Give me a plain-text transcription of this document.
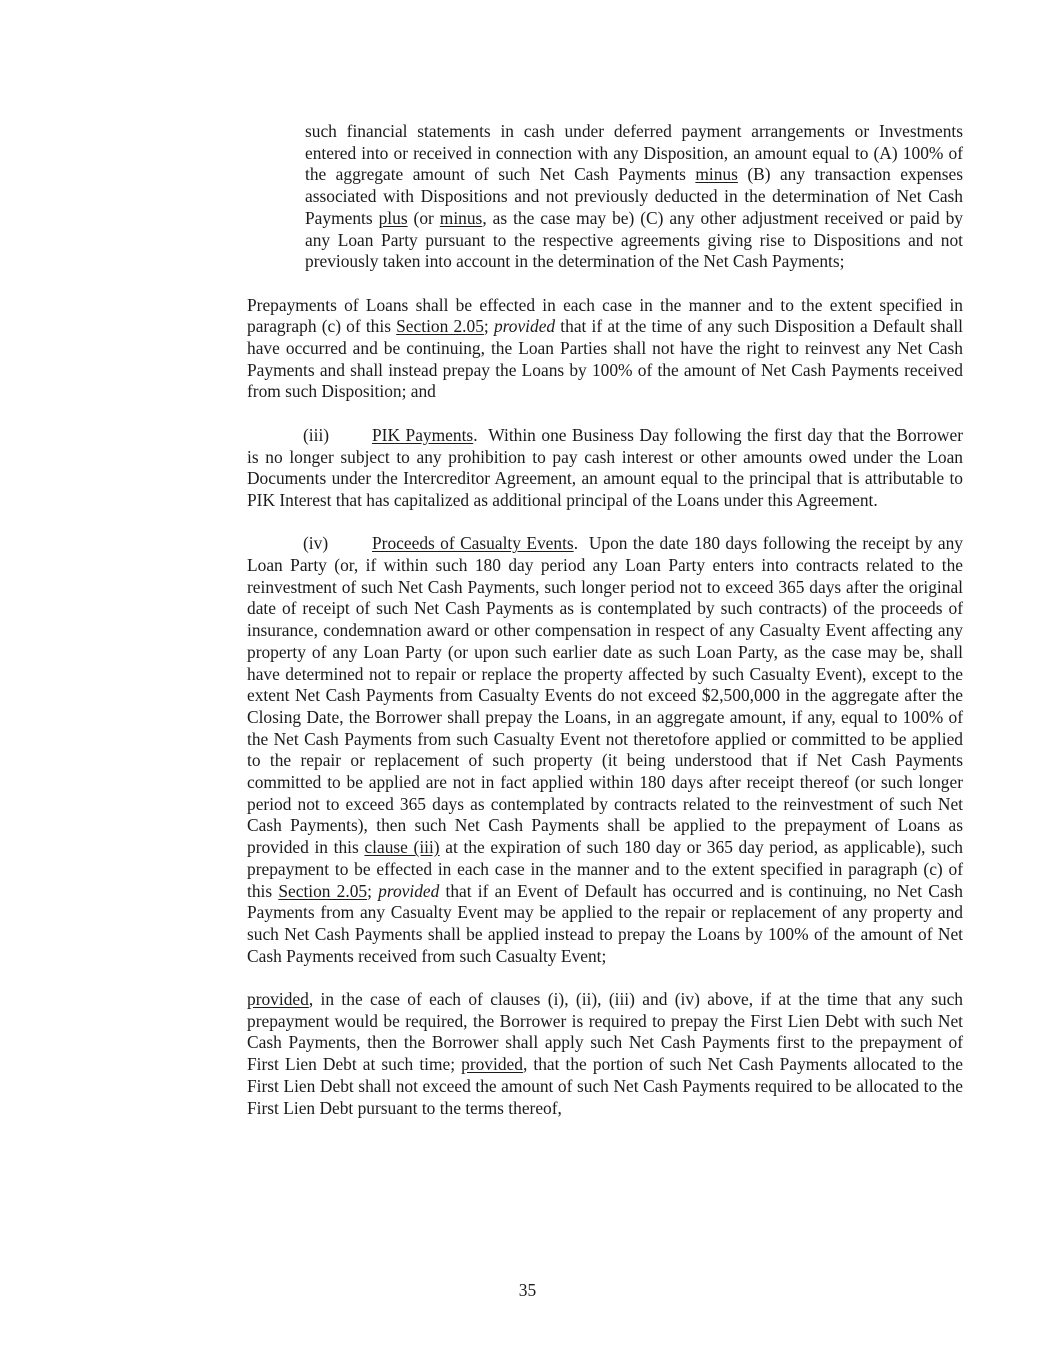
such financial statements in cash under deferred payment arrangements or Investments entered into or received in connection with any Disposition, an amount equal to (A) 100% of the aggregate amount of such Net Cash Payments minus (B) any transaction expenses associated with Dispositions and not previously deducted in the determination of Net Cash Payments plus (or minus, as the case may be) (C) any other adjustment received or paid by any Loan Party pursuant to the respective agreements giving rise to Dispositions and not previously taken into account in the determination of the Net Cash Payments;

Prepayments of Loans shall be effected in each case in the manner and to the extent specified in paragraph (c) of this Section 2.05; provided that if at the time of any such Disposition a Default shall have occurred and be continuing, the Loan Parties shall not have the right to reinvest any Net Cash Payments and shall instead prepay the Loans by 100% of the amount of Net Cash Payments received from such Disposition; and

(iii) PIK Payments.  Within one Business Day following the first day that the Borrower is no longer subject to any prohibition to pay cash interest or other amounts owed under the Loan Documents under the Intercreditor Agreement, an amount equal to the principal that is attributable to PIK Interest that has capitalized as additional principal of the Loans under this Agreement.

(iv)	Proceeds of Casualty Events.  Upon the date 180 days following the receipt by any Loan Party (or, if within such 180 day period any Loan Party enters into contracts related to the reinvestment of such Net Cash Payments, such longer period not to exceed 365 days after the original date of receipt of such Net Cash Payments as is contemplated by such contracts) of the proceeds of insurance, condemnation award or other compensation in respect of any Casualty Event affecting any property of any Loan Party (or upon such earlier date as such Loan Party, as the case may be, shall have determined not to repair or replace the property affected by such Casualty Event), except to the extent Net Cash Payments from Casualty Events do not exceed $2,500,000 in the aggregate after the Closing Date, the Borrower shall prepay the Loans, in an aggregate amount, if any, equal to 100% of the Net Cash Payments from such Casualty Event not theretofore applied or committed to be applied to the repair or replacement of such property (it being understood that if Net Cash Payments committed to be applied are not in fact applied within 180 days after receipt thereof (or such longer period not to exceed 365 days as contemplated by contracts related to the reinvestment of such Net Cash Payments), then such Net Cash Payments shall be applied to the prepayment of Loans as provided in this clause (iii) at the expiration of such 180 day or 365 day period, as applicable), such prepayment to be effected in each case in the manner and to the extent specified in paragraph (c) of this Section 2.05; provided that if an Event of Default has occurred and is continuing, no Net Cash Payments from any Casualty Event may be applied to the repair or replacement of any property and such Net Cash Payments shall be applied instead to prepay the Loans by 100% of the amount of Net Cash Payments received from such Casualty Event;

provided, in the case of each of clauses (i), (ii), (iii) and (iv) above, if at the time that any such prepayment would be required, the Borrower is required to prepay the First Lien Debt with such Net Cash Payments, then the Borrower shall apply such Net Cash Payments first to the prepayment of First Lien Debt at such time; provided, that the portion of such Net Cash Payments allocated to the First Lien Debt shall not exceed the amount of such Net Cash Payments required to be allocated to the First Lien Debt pursuant to the terms thereof,

35
